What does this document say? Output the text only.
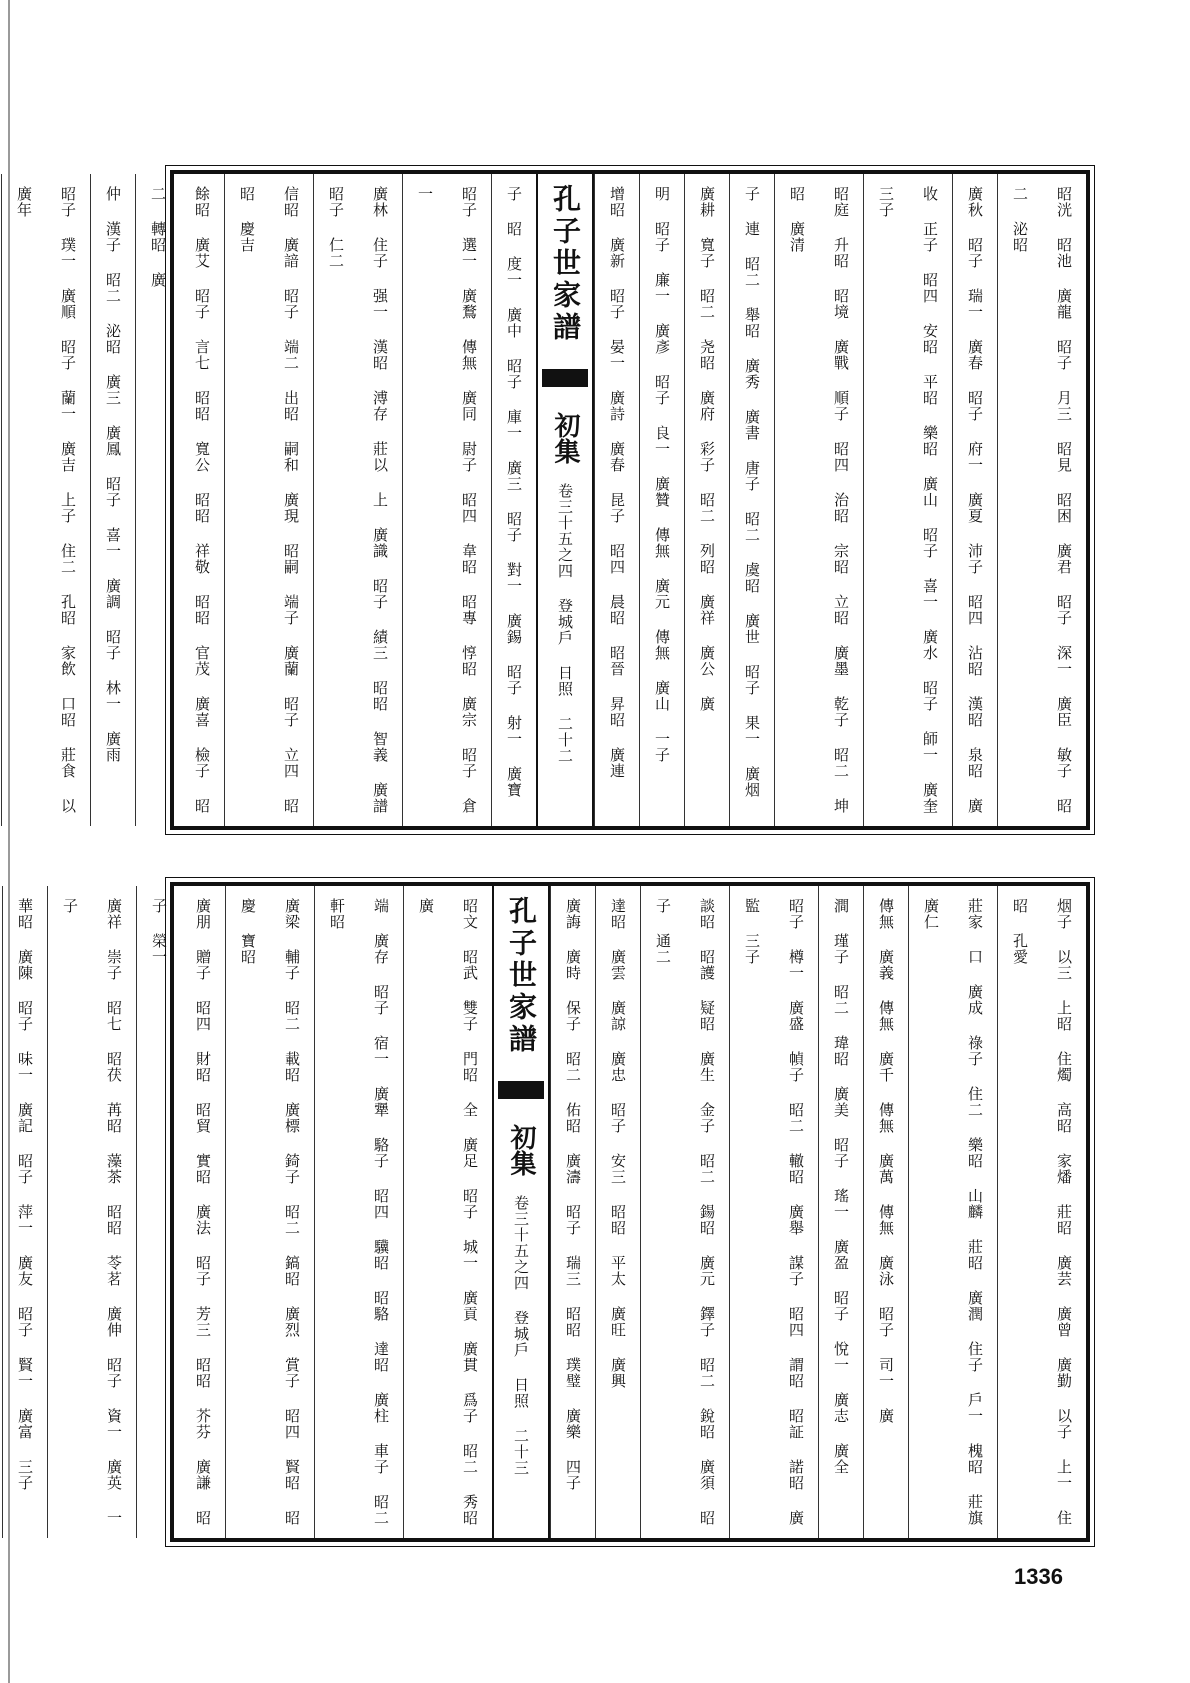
昭洸 昭池 廣龍 昭子 月三 昭見 昭困 廣君 昭子 深一 廣臣 敏子 昭二 泌昭
廣秋 昭子 瑞一 廣春 昭子 府一 廣夏 沛子 昭四 沾昭 漢昭 泉昭 廣
收 正子 昭四 安昭 平昭 樂昭 廣山 昭子 喜一 廣水 昭子 師一 廣奎 三子
昭庭 升昭 昭境 廣戰 順子 昭四 治昭 宗昭 立昭 廣墨 乾子 昭二 坤昭 廣清
子 連 昭二 舉昭 廣秀 廣書 唐子 昭二 虞昭 廣世 昭子 果一 廣烟
廣耕 寬子 昭二 尧昭 廣府 彩子 昭二 列昭 廣祥 廣公 廣
明 昭子 廉一 廣彥 昭子 良一 廣贊 傳無 廣元 傳無 廣山 一子
增昭 廣新 昭子 晏一 廣詩 廣春 昆子 昭四 晨昭 昭晉 昇昭 廣連
孔子世家譜  初集 卷三十五之四 登城戶 日照 二十二
子 昭 度一 廣中 昭子 庫一 廣三 昭子 對一 廣錫 昭子 射一 廣寶
昭子 選一 廣鶩 傳無 廣同 尉子 昭四 韋昭 昭專 惇昭 廣宗 昭子 倉一
廣林 住子 强一 漢昭 溥存 莊以 上 廣識 昭子 績三 昭昭 智義 廣譜 昭子 仁二
信昭 廣諳 昭子 端二 出昭 嗣和 廣現 昭嗣 端子 廣蘭 昭子 立四 昭昭 慶吉
餘昭 廣艾 昭子 言七 昭昭 寬公 昭昭 祥敬 昭昭 官茂 廣喜 檢子 昭二 轉昭 廣
仲 漢子 昭二 泌昭 廣三 廣鳳 昭子 喜一 廣調 昭子 林一 廣雨
昭子 璞一 廣順 昭子 蘭一 廣吉 上子 住二 孔昭 家飲 口昭 莊食 以 廣年
烟子 以三 上昭 住燭 高昭 家燔 莊昭 廣芸 廣曾 廣勤 以子 上一 住昭 孔愛
莊家 口 廣成 祿子 住二 樂昭 山麟 莊昭 廣潤 住子 戶一 槐昭 莊旗 廣仁
傳無 廣義 傳無 廣千 傳無 廣萬 傳無 廣泳 昭子 司一 廣
澗 瑾子 昭二 瑋昭 廣美 昭子 瑤一 廣盈 昭子 悅一 廣志 廣全
昭子 樽一 廣盛 幀子 昭二 轍昭 廣舉 謀子 昭四 謂昭 昭証 諾昭 廣監 三子
談昭 昭護 疑昭 廣生 金子 昭二 鍚昭 廣元 鐸子 昭二 銳昭 廣須 昭子 通二
達昭 廣雲 廣諒 廣忠 昭子 安三 昭昭 平太 廣旺 廣興
廣誨 廣時 保子 昭二 佑昭 廣濤 昭子 瑞三 昭昭 璞璧 廣樂 四子
孔子世家譜  初集 卷三十五之四 登城戶 日照 二十三
昭文 昭武 雙子 門昭 全 廣足 昭子 城一 廣貢 廣貫 爲子 昭二 秀昭 廣
端 廣存 昭子 宿一 廣犟 駱子 昭四 驥昭 昭駱 達昭 廣柱 車子 昭二 軒昭
廣梁 輔子 昭二 載昭 廣標 錡子 昭二 鎬昭 廣烈 賞子 昭四 賢昭 昭慶 寶昭
廣朋 贈子 昭四 財昭 昭貿 實昭 廣法 昭子 芳三 昭昭 芥芬 廣謙 昭子 榮一
廣祥 崇子 昭七 昭茯 苒昭 藻茶 昭昭 苓茗 廣伸 昭子 資一 廣英 一子
華昭 廣陳 昭子 味一 廣記 昭子 萍一 廣友 昭子 賢一 廣富 三子
1336
